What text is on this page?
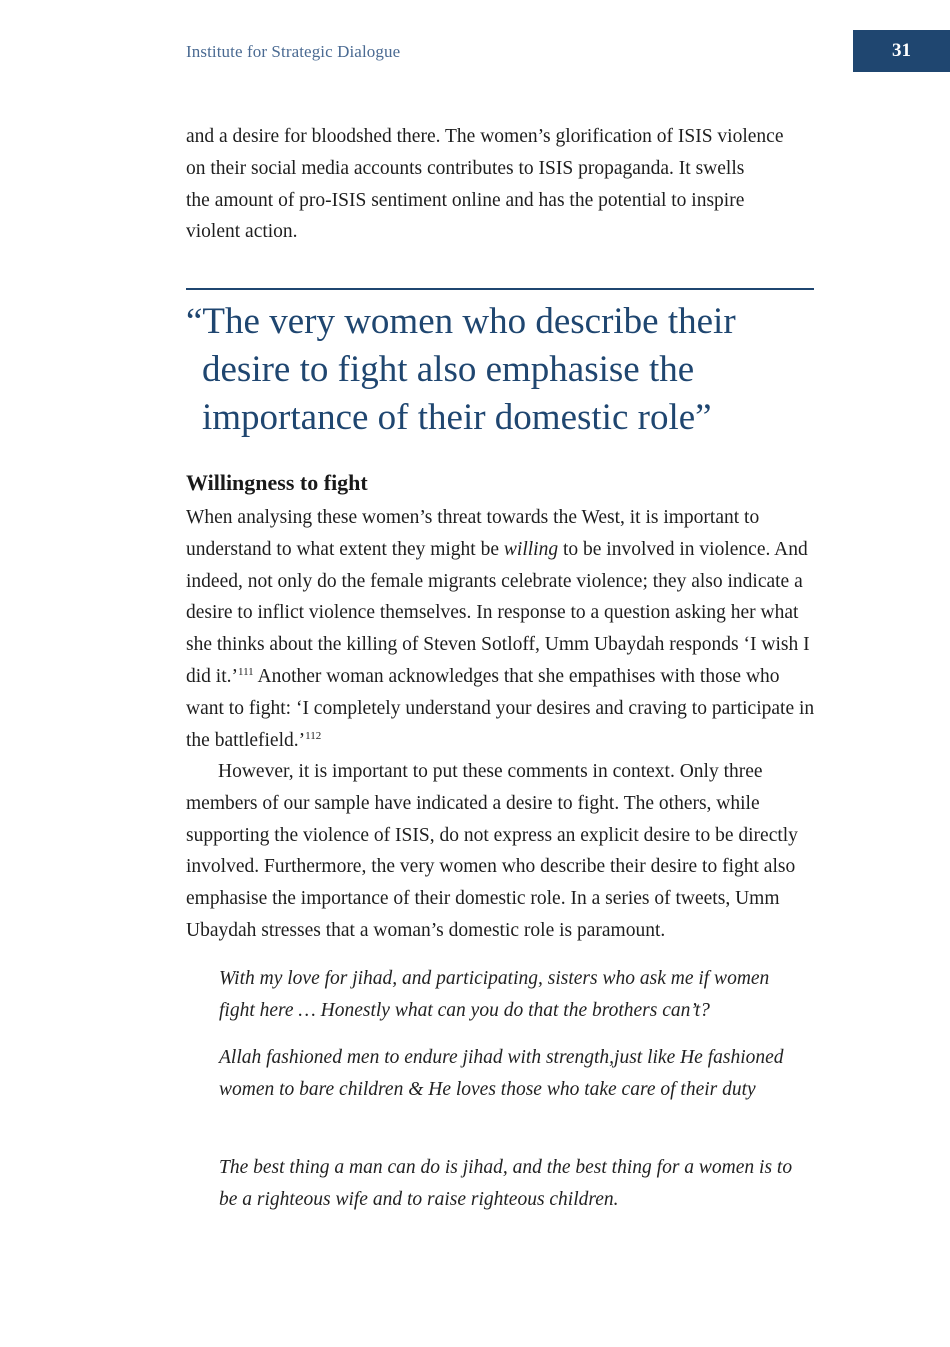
Institute for Strategic Dialogue	31

and a desire for bloodshed there. The women’s glorification of ISIS violence
on their social media accounts contributes to ISIS propaganda. It swells
the amount of pro-ISIS sentiment online and has the potential to inspire
violent action.

“The very women who describe their
desire to fight also emphasise the
importance of their domestic role”
Willingness to fight

When analysing these women’s threat towards the West, it is important to understand to what extent they might be willing to be involved in violence. And indeed, not only do the female migrants celebrate violence; they also indicate a desire to inflict violence themselves. In response to a question asking her what she thinks about the killing of Steven Sotloff, Umm Ubaydah responds ‘I wish I did it.’$^{111}$ Another woman acknowledges that she empathises with those who want to fight: ‘I completely understand your desires and craving to participate in the battlefield.’$^{112}$

However, it is important to put these comments in context. Only three members of our sample have indicated a desire to fight. The others, while supporting the violence of ISIS, do not express an explicit desire to be directly involved. Furthermore, the very women who describe their desire to fight also emphasise the importance of their domestic role. In a series of tweets, Umm Ubaydah stresses that a woman’s domestic role is paramount.

With my love for jihad, and participating, sisters who ask me if women fight here … Honestly what can you do that the brothers can’t?

Allah fashioned men to endure jihad with strength,just like He fashioned women to bare children & He loves those who take care of their duty

The best thing a man can do is jihad, and the best thing for a women is to be a righteous wife and to raise righteous children.
